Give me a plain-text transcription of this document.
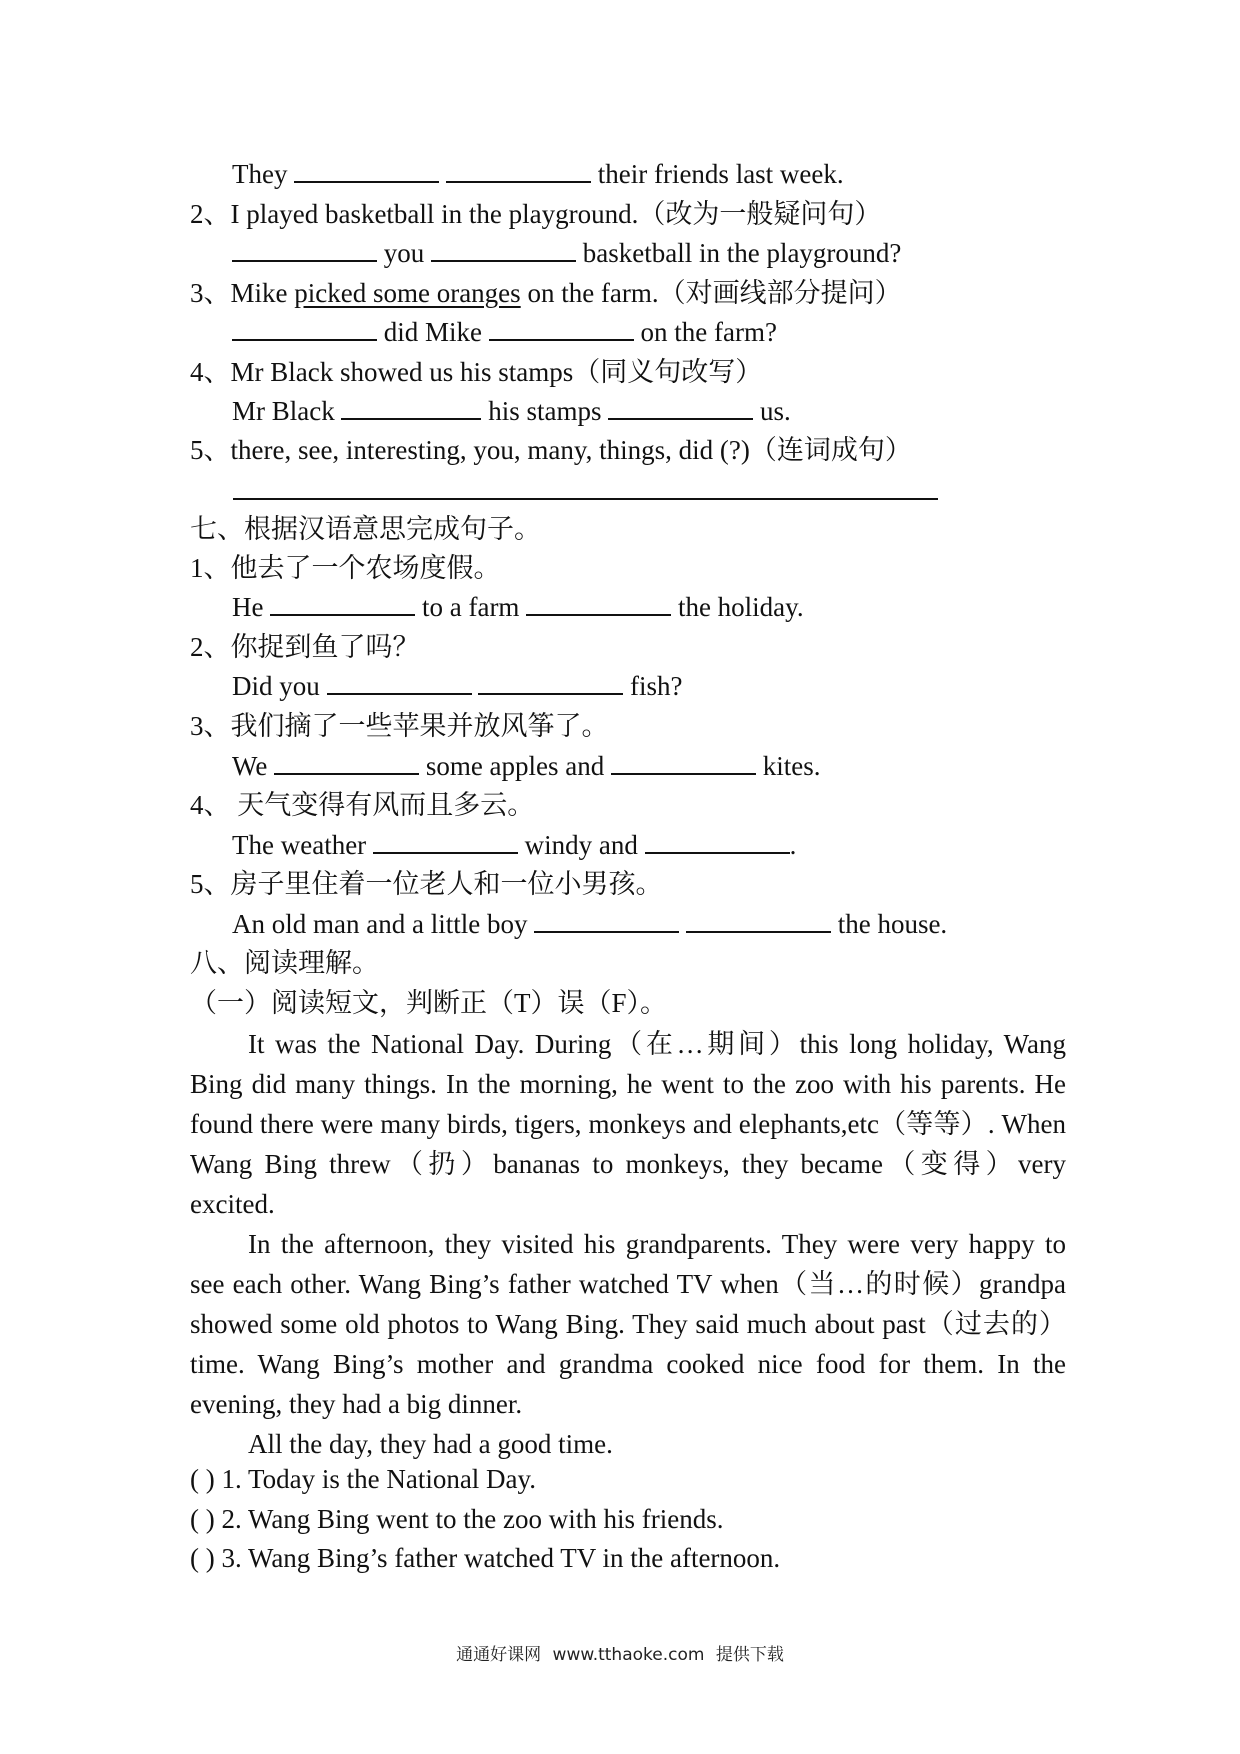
They	their friends last week.
2、I played basketball in the playground.（改为一般疑问句）
you	basketball in the playground?
3、Mike picked some oranges on the farm.（对画线部分提问）
did Mike	on the farm?
4、Mr Black showed us his stamps（同义句改写）
Mr Black	his stamps	us.
5、there, see, interesting, you, many, things, did (?)（连词成句）
七、根据汉语意思完成句子。
1、他去了一个农场度假。
He	to a farm	the holiday.
2、你捉到鱼了吗？
Did you	fish?
3、我们摘了一些苹果并放风筝了。
We	some apples and	kites.
4、 天气变得有风而且多云。
The weather	windy and	.
5、房子里住着一位老人和一位小男孩。
An old man and a little boy	the house.
八、阅读理解。
（一）阅读短文，判断正（T）误（F）。

It was the National Day. During（在…期间）this long holiday, Wang Bing did many things. In the morning, he went to the zoo with his parents. He found there were many birds, tigers, monkeys and elephants,etc（等等）. When Wang Bing threw（扔）bananas to monkeys, they became（变得）very excited.

In the afternoon, they visited his grandparents. They were very happy to see each other. Wang Bing’s father watched TV when（当…的时候）grandpa showed some old photos to Wang Bing. They said much about past（过去的）time. Wang Bing’s mother and grandma cooked nice food for them. In the evening, they had a big dinner.

All the day, they had a good time.

( ) 1. Today is the National Day.
( ) 2. Wang Bing went to the zoo with his friends.
( ) 3. Wang Bing’s father watched TV in the afternoon.
通通好课网 www.tthaoke.com 提供下载
